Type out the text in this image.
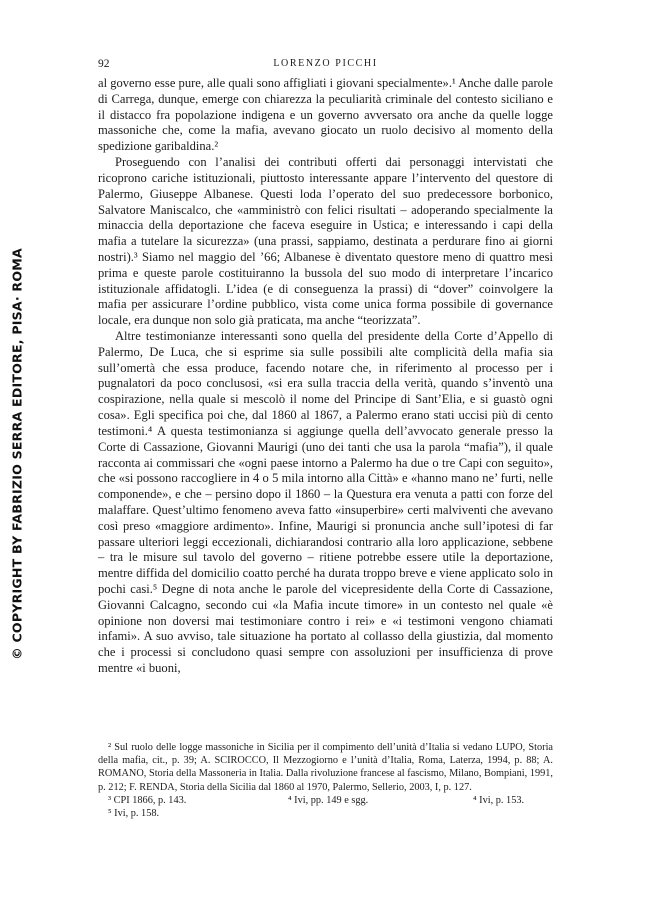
© COPYRIGHT BY FABRIZIO SERRA EDITORE, PISA· ROMA
92	LORENZO PICCHI

al governo esse pure, alle quali sono affigliati i giovani specialmente».¹ Anche dalle parole di Carrega, dunque, emerge con chiarezza la peculiarità criminale del contesto siciliano e il distacco fra popolazione indigena e un governo avversato ora anche da quelle logge massoniche che, come la mafia, avevano giocato un ruolo decisivo al momento della spedizione garibaldina.²

Proseguendo con l’analisi dei contributi offerti dai personaggi intervistati che ricoprono cariche istituzionali, piuttosto interessante appare l’intervento del questore di Palermo, Giuseppe Albanese. Questi loda l’operato del suo predecessore borbonico, Salvatore Maniscalco, che «amministrò con felici risultati – adoperando specialmente la minaccia della deportazione che faceva eseguire in Ustica; e interessando i capi della mafia a tutelare la sicurezza» (una prassi, sappiamo, destinata a perdurare fino ai giorni nostri).³ Siamo nel maggio del ’66; Albanese è diventato questore meno di quattro mesi prima e queste parole costituiranno la bussola del suo modo di interpretare l’incarico istituzionale affidatogli. L’idea (e di conseguenza la prassi) di “dover” coinvolgere la mafia per assicurare l’ordine pubblico, vista come unica forma possibile di governance locale, era dunque non solo già praticata, ma anche “teorizzata”.

Altre testimonianze interessanti sono quella del presidente della Corte d’Appello di Palermo, De Luca, che si esprime sia sulle possibili alte complicità della mafia sia sull’omertà che essa produce, facendo notare che, in riferimento al processo per i pugnalatori da poco conclusosi, «si era sulla traccia della verità, quando s’inventò una cospirazione, nella quale si mescolò il nome del Principe di Sant’Elia, e si guastò ogni cosa». Egli specifica poi che, dal 1860 al 1867, a Palermo erano stati uccisi più di cento testimoni.⁴ A questa testimonianza si aggiunge quella dell’avvocato generale presso la Corte di Cassazione, Giovanni Maurigi (uno dei tanti che usa la parola “mafia”), il quale racconta ai commissari che «ogni paese intorno a Palermo ha due o tre Capi con seguito», che «si possono raccogliere in 4 o 5 mila intorno alla Città» e «hanno mano ne’ furti, nelle componende», e che – persino dopo il 1860 – la Questura era venuta a patti con forze del malaffare. Quest’ultimo fenomeno aveva fatto «insuperbire» certi malviventi che avevano così preso «maggiore ardimento». Infine, Maurigi si pronuncia anche sull’ipotesi di far passare ulteriori leggi eccezionali, dichiarandosi contrario alla loro applicazione, sebbene – tra le misure sul tavolo del governo – ritiene potrebbe essere utile la deportazione, mentre diffida del domicilio coatto perché ha durata troppo breve e viene applicato solo in pochi casi.⁵ Degne di nota anche le parole del vicepresidente della Corte di Cassazione, Giovanni Calcagno, secondo cui «la Mafia incute timore» in un contesto nel quale «è opinione non doversi mai testimoniare contro i rei» e «i testimoni vengono chiamati infami». A suo avviso, tale situazione ha portato al collasso della giustizia, dal momento che i processi si concludono quasi sempre con assoluzioni per insufficienza di prove mentre «i buoni,

² Sul ruolo delle logge massoniche in Sicilia per il compimento dell’unità d’Italia si vedano LUPO, Storia della mafia, cit., p. 39; A. SCIROCCO, Il Mezzogiorno e l’unità d’Italia, Roma, Laterza, 1994, p. 88; A. ROMANO, Storia della Massoneria in Italia. Dalla rivoluzione francese al fascismo, Milano, Bompiani, 1991, p. 212; F. RENDA, Storia della Sicilia dal 1860 al 1970, Palermo, Sellerio, 2003, I, p. 127.

³ CPI 1866, p. 143.	⁴ Ivi, pp. 149 e sgg.	⁴ Ivi, p. 153.
⁵ Ivi, p. 158.
